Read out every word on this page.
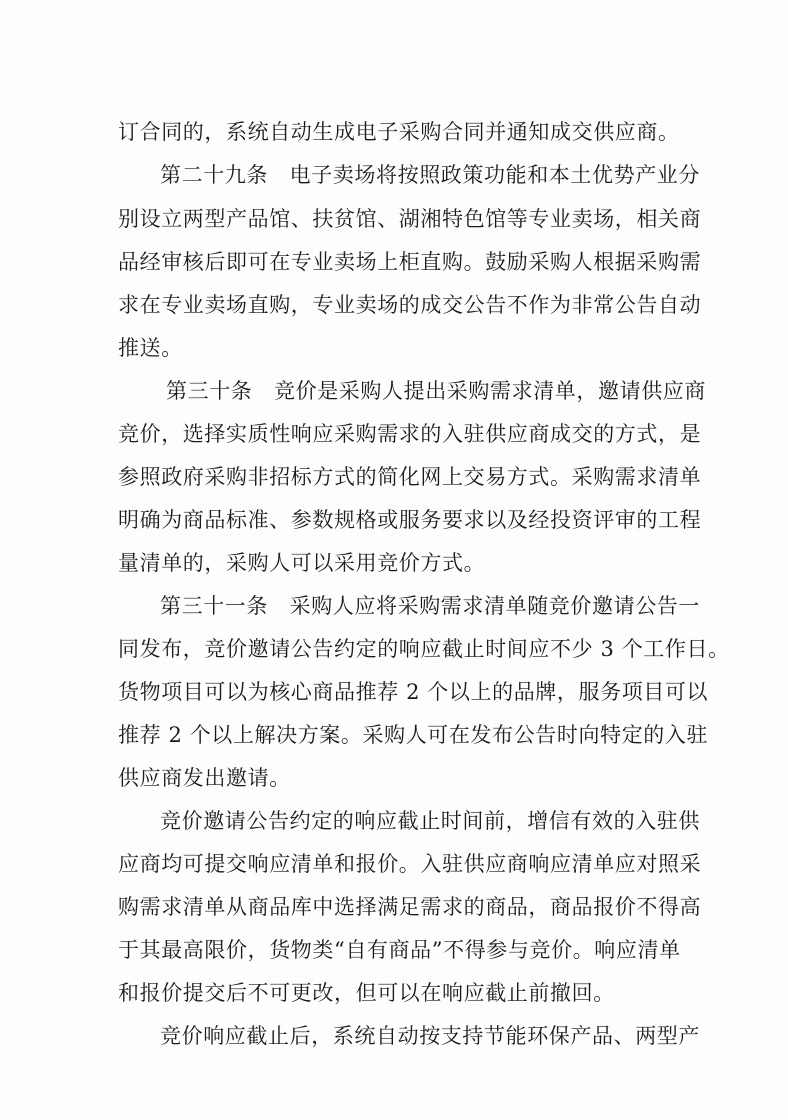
订合同的，系统自动生成电子采购合同并通知成交供应商。
第二十九条　电子卖场将按照政策功能和本土优势产业分
别设立两型产品馆、扶贫馆、湖湘特色馆等专业卖场，相关商
品经审核后即可在专业卖场上柜直购。鼓励采购人根据采购需
求在专业卖场直购，专业卖场的成交公告不作为非常公告自动
推送。
第三十条　竞价是采购人提出采购需求清单，邀请供应商
竞价，选择实质性响应采购需求的入驻供应商成交的方式，是
参照政府采购非招标方式的简化网上交易方式。采购需求清单
明确为商品标准、参数规格或服务要求以及经投资评审的工程
量清单的，采购人可以采用竞价方式。
第三十一条　采购人应将采购需求清单随竞价邀请公告一
同发布，竞价邀请公告约定的响应截止时间应不少 3 个工作日。
货物项目可以为核心商品推荐 2 个以上的品牌，服务项目可以
推荐 2 个以上解决方案。采购人可在发布公告时向特定的入驻
供应商发出邀请。
竞价邀请公告约定的响应截止时间前，增信有效的入驻供
应商均可提交响应清单和报价。入驻供应商响应清单应对照采
购需求清单从商品库中选择满足需求的商品，商品报价不得高
于其最高限价，货物类“自有商品”不得参与竞价。响应清单
和报价提交后不可更改，但可以在响应截止前撤回。
竞价响应截止后，系统自动按支持节能环保产品、两型产
